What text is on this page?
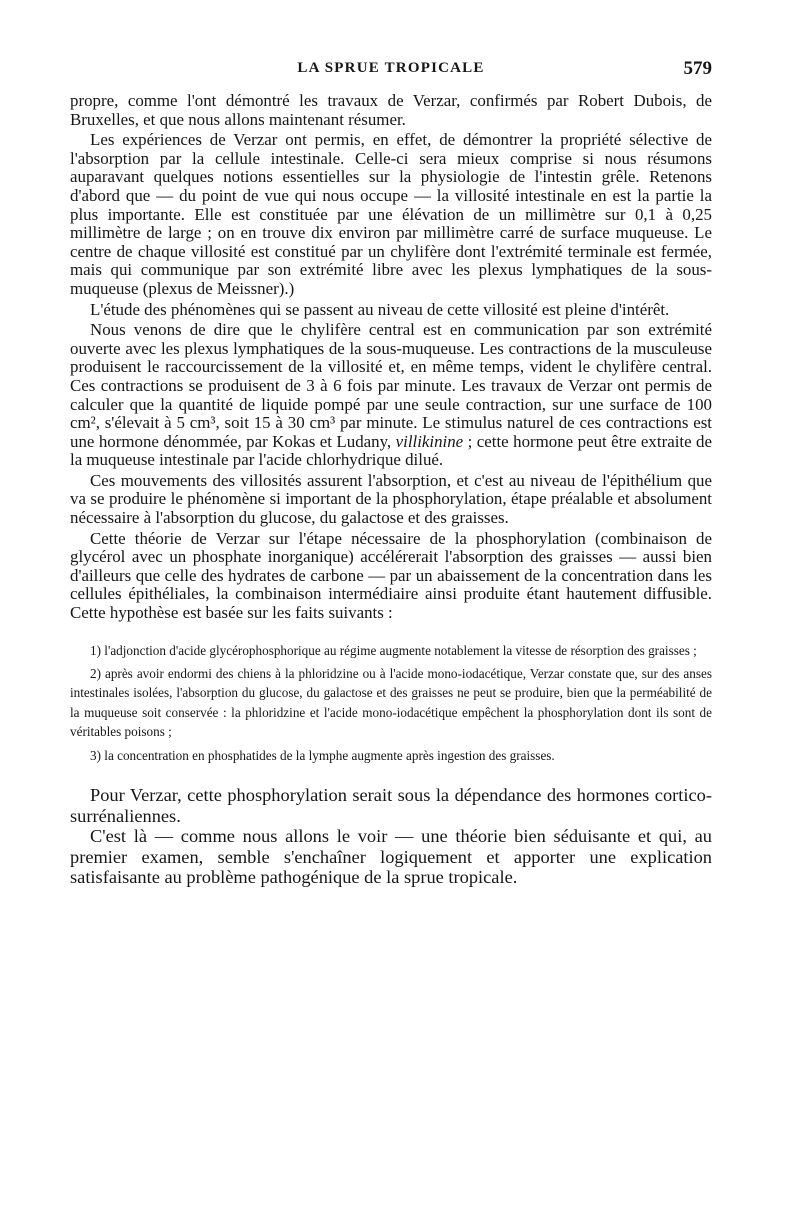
LA SPRUE TROPICALE	579

propre, comme l'ont démontré les travaux de Verzar, confirmés par Robert Dubois, de Bruxelles, et que nous allons maintenant résumer.

Les expériences de Verzar ont permis, en effet, de démontrer la propriété sélective de l'absorption par la cellule intestinale. Celle-ci sera mieux comprise si nous résumons auparavant quelques notions essentielles sur la physiologie de l'intestin grêle. Retenons d'abord que — du point de vue qui nous occupe — la villosité intestinale en est la partie la plus importante. Elle est constituée par une élévation de un millimètre sur 0,1 à 0,25 millimètre de large ; on en trouve dix environ par millimètre carré de surface muqueuse. Le centre de chaque villosité est constitué par un chylifère dont l'extrémité terminale est fermée, mais qui communique par son extrémité libre avec les plexus lymphatiques de la sous-muqueuse (plexus de Meissner).)

L'étude des phénomènes qui se passent au niveau de cette villosité est pleine d'intérêt.

Nous venons de dire que le chylifère central est en communication par son extrémité ouverte avec les plexus lymphatiques de la sous-muqueuse. Les contractions de la musculeuse produisent le raccourcissement de la villosité et, en même temps, vident le chylifère central. Ces contractions se produisent de 3 à 6 fois par minute. Les travaux de Verzar ont permis de calculer que la quantité de liquide pompé par une seule contraction, sur une surface de 100 cm², s'élevait à 5 cm³, soit 15 à 30 cm³ par minute. Le stimulus naturel de ces contractions est une hormone dénommée, par Kokas et Ludany, villikinine ; cette hormone peut être extraite de la muqueuse intestinale par l'acide chlorhydrique dilué.

Ces mouvements des villosités assurent l'absorption, et c'est au niveau de l'épithélium que va se produire le phénomène si important de la phosphorylation, étape préalable et absolument nécessaire à l'absorption du glucose, du galactose et des graisses.

Cette théorie de Verzar sur l'étape nécessaire de la phosphorylation (combinaison de glycérol avec un phosphate inorganique) accélérerait l'absorption des graisses — aussi bien d'ailleurs que celle des hydrates de carbone — par un abaissement de la concentration dans les cellules épithéliales, la combinaison intermédiaire ainsi produite étant hautement diffusible. Cette hypothèse est basée sur les faits suivants :

1) l'adjonction d'acide glycérophosphorique au régime augmente notablement la vitesse de résorption des graisses ;

2) après avoir endormi des chiens à la phloridzine ou à l'acide mono-iodacétique, Verzar constate que, sur des anses intestinales isolées, l'absorption du glucose, du galactose et des graisses ne peut se produire, bien que la perméabilité de la muqueuse soit conservée : la phloridzine et l'acide mono-iodacétique empêchent la phosphorylation dont ils sont de véritables poisons ;

3) la concentration en phosphatides de la lymphe augmente après ingestion des graisses.

Pour Verzar, cette phosphorylation serait sous la dépendance des hormones cortico-surrénaliennes.

C'est là — comme nous allons le voir — une théorie bien séduisante et qui, au premier examen, semble s'enchaîner logiquement et apporter une explication satisfaisante au problème pathogénique de la sprue tropicale.
